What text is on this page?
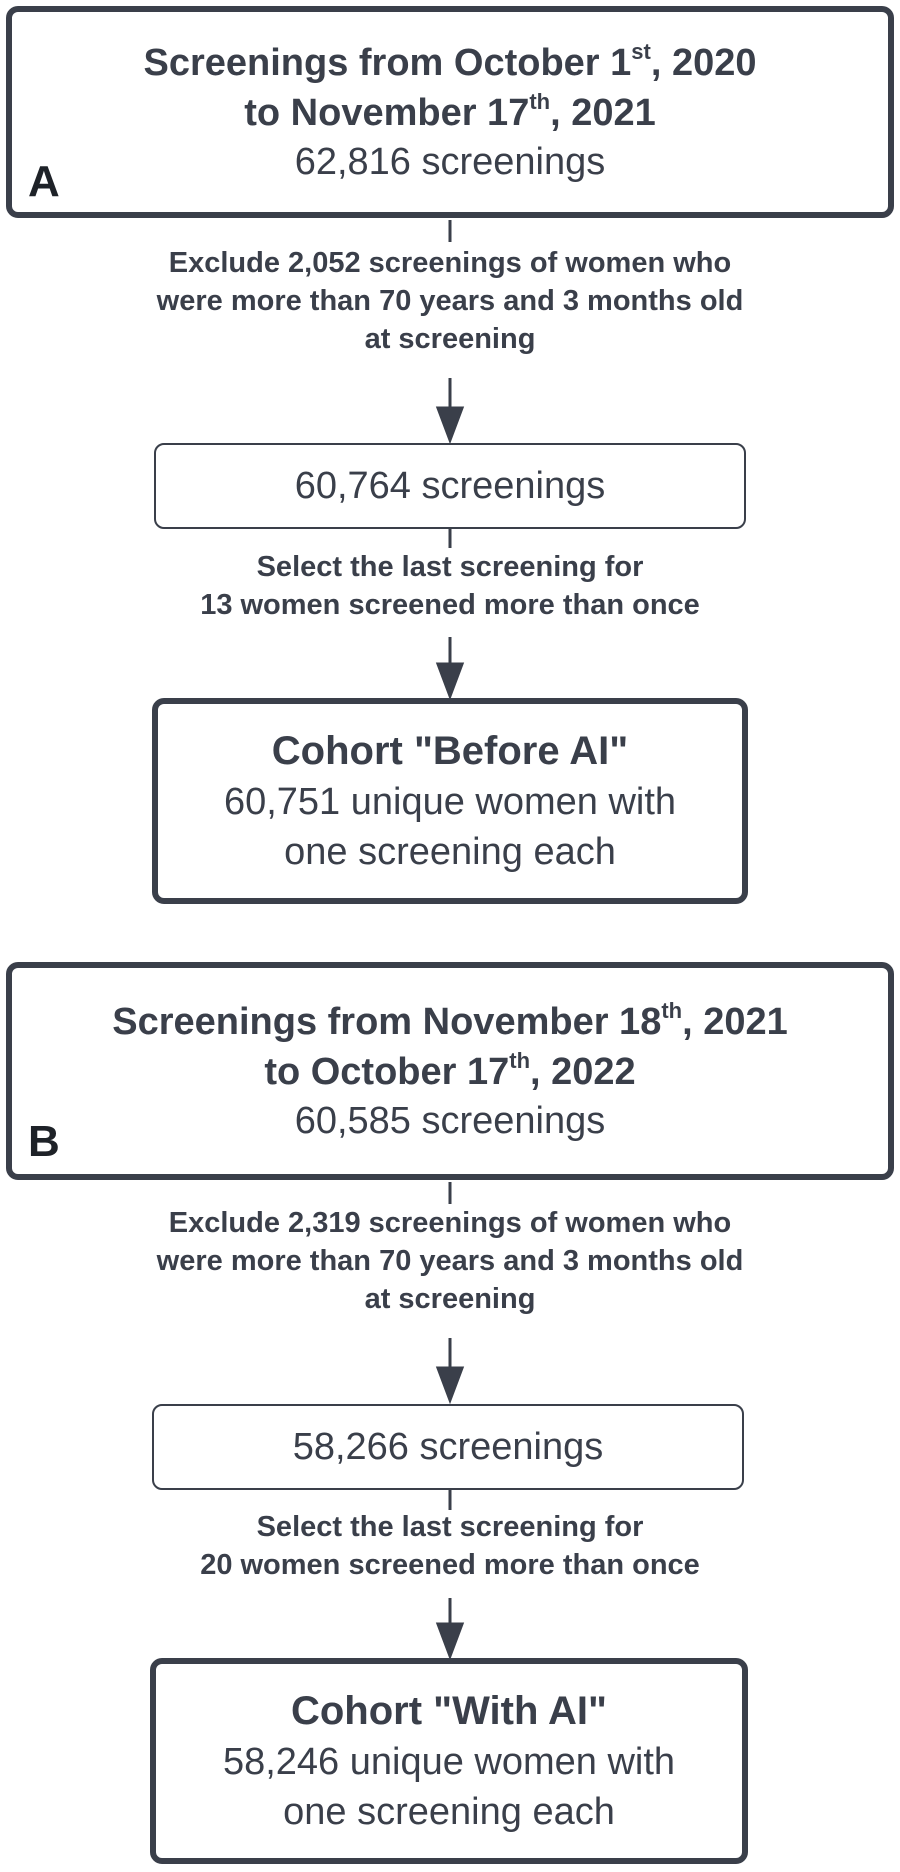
Screenings from October 1st, 2020
to November 17th, 2021
62,816 screenings
A
Exclude 2,052 screenings of women who
were more than 70 years and 3 months old
at screening
60,764 screenings
Select the last screening for
13 women screened more than once
Cohort "Before AI"
60,751 unique women with
one screening each
Screenings from November 18th, 2021
to October 17th, 2022
60,585 screenings
B
Exclude 2,319 screenings of women who
were more than 70 years and 3 months old
at screening
58,266 screenings
Select the last screening for
20 women screened more than once
Cohort "With AI"
58,246 unique women with
one screening each
